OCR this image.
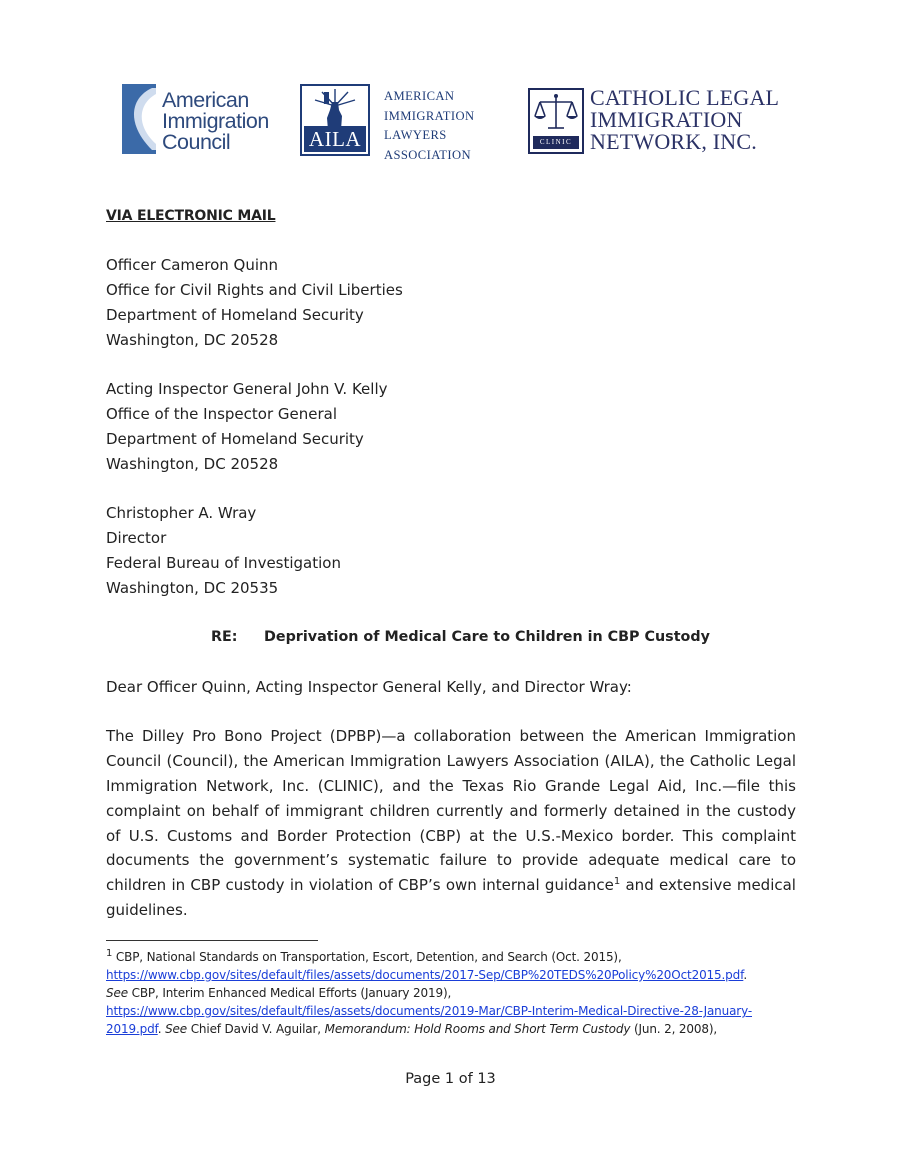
American
Immigration
Council	AILA
AMERICAN
IMMIGRATION
LAWYERS
ASSOCIATION
CLINIC
CATHOLIC LEGAL
IMMIGRATION
NETWORK, INC.
VIA ELECTRONIC MAIL
Officer Cameron Quinn
Office for Civil Rights and Civil Liberties
Department of Homeland Security
Washington, DC 20528
Acting Inspector General John V. Kelly
Office of the Inspector General
Department of Homeland Security
Washington, DC 20528
Christopher A. Wray
Director
Federal Bureau of Investigation
Washington, DC 20535
RE: Deprivation of Medical Care to Children in CBP Custody
Dear Officer Quinn, Acting Inspector General Kelly, and Director Wray:
The Dilley Pro Bono Project (DPBP)—a collaboration between the American Immigration Council (Council), the American Immigration Lawyers Association (AILA), the Catholic Legal Immigration Network, Inc. (CLINIC), and the Texas Rio Grande Legal Aid, Inc.—file this complaint on behalf of immigrant children currently and formerly detained in the custody of U.S. Customs and Border Protection (CBP) at the U.S.-Mexico border. This complaint documents the government’s systematic failure to provide adequate medical care to children in CBP custody in violation of CBP’s own internal guidance$^1$ and extensive medical guidelines.
$^1$ CBP, National Standards on Transportation, Escort, Detention, and Search (Oct. 2015),
https://www.cbp.gov/sites/default/files/assets/documents/2017-Sep/CBP%20TEDS%20Policy%20Oct2015.pdf.
See CBP, Interim Enhanced Medical Efforts (January 2019),
https://www.cbp.gov/sites/default/files/assets/documents/2019-Mar/CBP-Interim-Medical-Directive-28-January-
2019.pdf. See Chief David V. Aguilar, Memorandum: Hold Rooms and Short Term Custody (Jun. 2, 2008),
Page 1 of 13
